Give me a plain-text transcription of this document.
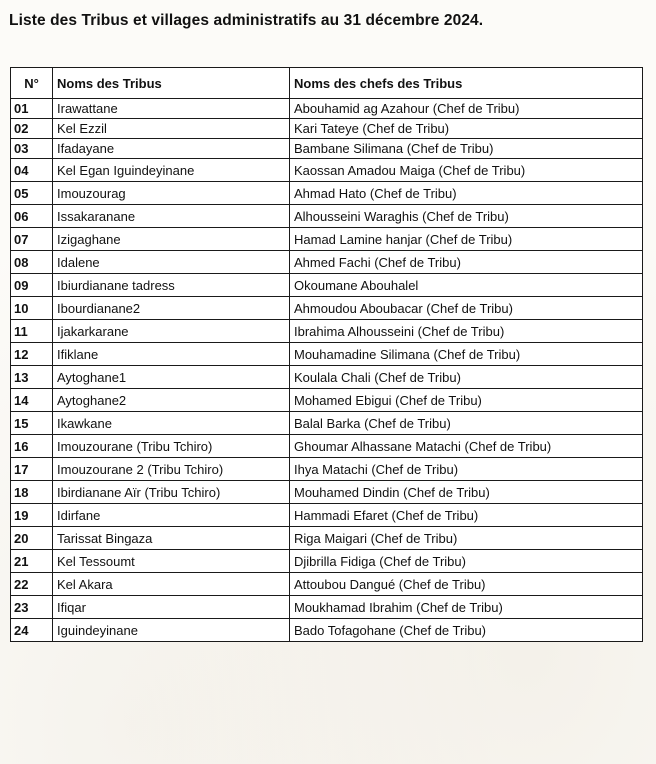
Liste des Tribus et villages administratifs au 31 décembre 2024.
N°	Noms des Tribus	Noms des chefs des Tribus
01	Irawattane	Abouhamid ag Azahour (Chef de Tribu)
02	Kel Ezzil	Kari Tateye (Chef de Tribu)
03	Ifadayane	Bambane Silimana (Chef de Tribu)
04	Kel Egan Iguindeyinane	Kaossan Amadou Maiga (Chef de Tribu)
05	Imouzourag	Ahmad Hato (Chef de Tribu)
06	Issakaranane	Alhousseini Waraghis (Chef de Tribu)
07	Izigaghane	Hamad Lamine hanjar (Chef de Tribu)
08	Idalene	Ahmed Fachi (Chef de Tribu)
09	Ibiurdianane tadress	Okoumane Abouhalel
10	Ibourdianane2	Ahmoudou Aboubacar (Chef de Tribu)
11	Ijakarkarane	Ibrahima Alhousseini (Chef de Tribu)
12	Ifiklane	Mouhamadine Silimana (Chef de Tribu)
13	Aytoghane1	Koulala Chali (Chef de Tribu)
14	Aytoghane2	Mohamed Ebigui (Chef de Tribu)
15	Ikawkane	Balal Barka (Chef de Tribu)
16	Imouzourane (Tribu Tchiro)	Ghoumar Alhassane Matachi (Chef de Tribu)
17	Imouzourane 2 (Tribu Tchiro)	Ihya Matachi (Chef de Tribu)
18	Ibirdianane Aïr (Tribu Tchiro)	Mouhamed Dindin (Chef de Tribu)
19	Idirfane	Hammadi Efaret (Chef de Tribu)
20	Tarissat Bingaza	Riga Maigari (Chef de Tribu)
21	Kel Tessoumt	Djibrilla Fidiga (Chef de Tribu)
22	Kel Akara	Attoubou Dangué (Chef de Tribu)
23	Ifiqar	Moukhamad Ibrahim (Chef de Tribu)
24	Iguindeyinane	Bado Tofagohane (Chef de Tribu)
